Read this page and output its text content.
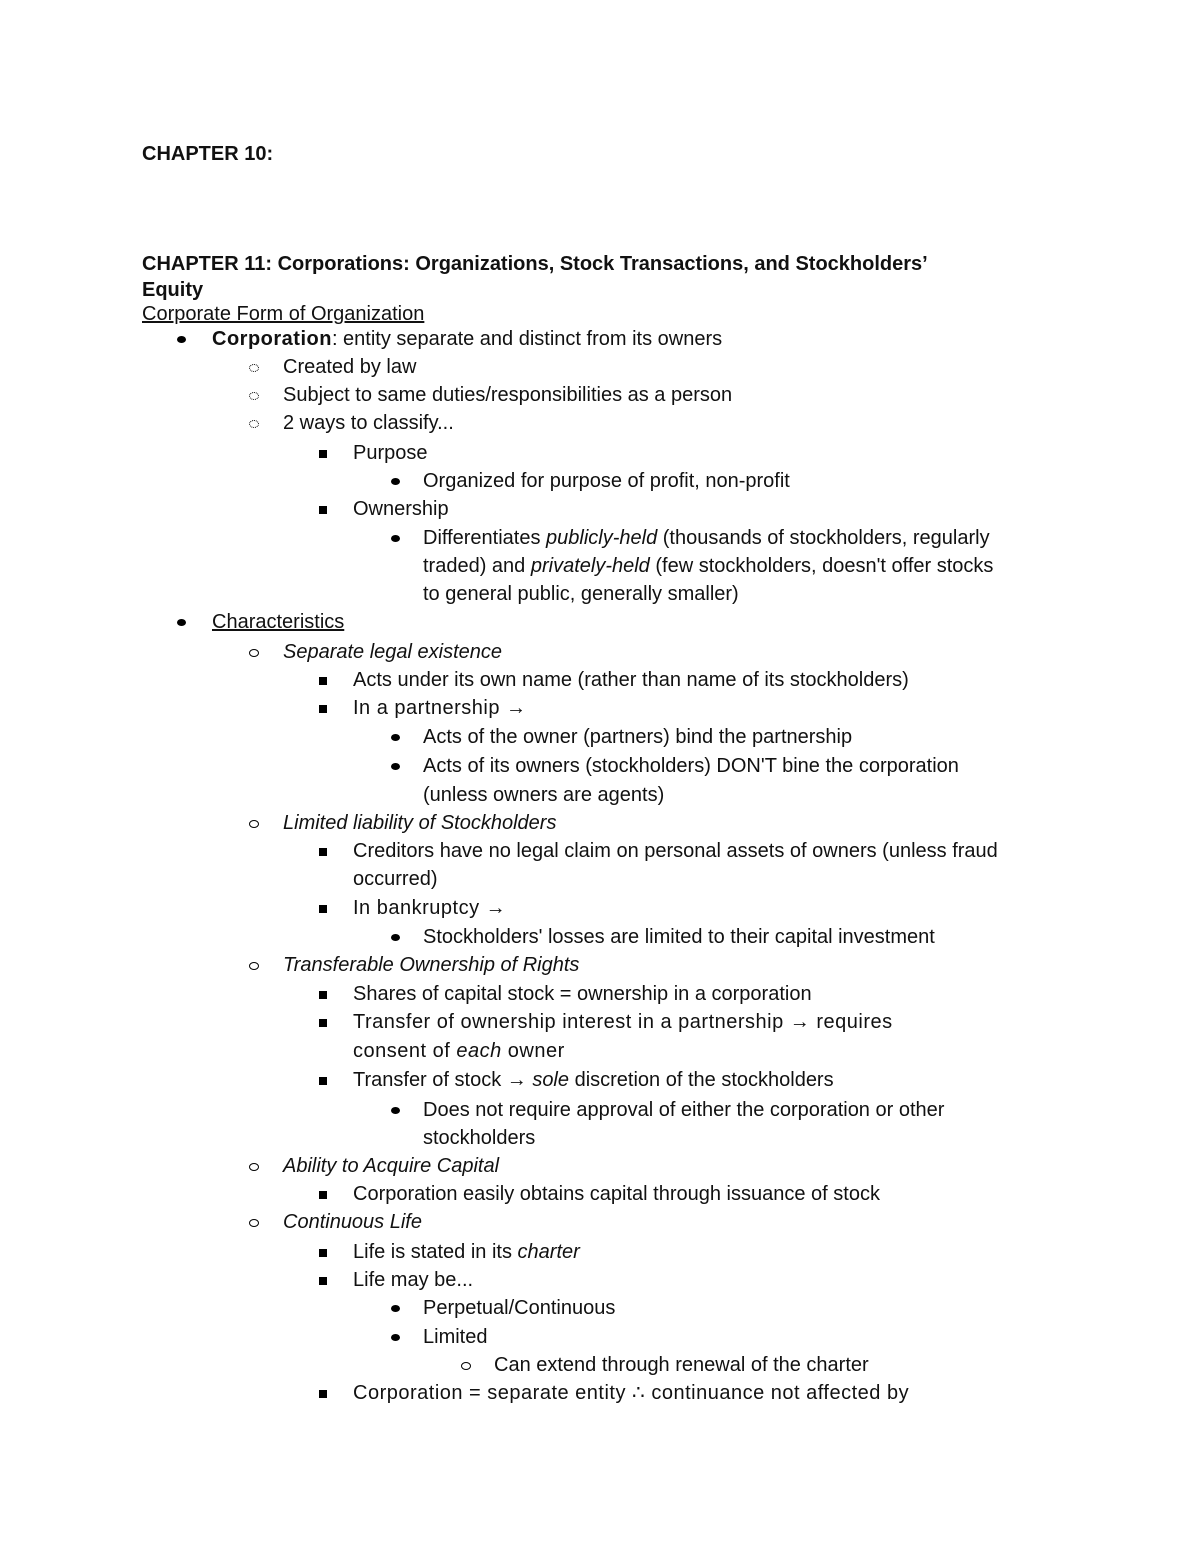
CHAPTER 10:
CHAPTER 11: Corporations: Organizations, Stock Transactions, and Stockholders’
Equity
Corporate Form of Organization
Corporation: entity separate and distinct from its owners
Created by law
Subject to same duties/responsibilities as a person
2 ways to classify...
Purpose
Organized for purpose of profit, non-profit
Ownership
Differentiates publicly-held (thousands of stockholders, regularly
traded) and privately-held (few stockholders, doesn't offer stocks
to general public, generally smaller)
Characteristics
Separate legal existence
Acts under its own name (rather than name of its stockholders)
In a partnership →
Acts of the owner (partners) bind the partnership
Acts of its owners (stockholders) DON'T bine the corporation
(unless owners are agents)
Limited liability of Stockholders
Creditors have no legal claim on personal assets of owners (unless fraud
occurred)
In bankruptcy →
Stockholders' losses are limited to their capital investment
Transferable Ownership of Rights
Shares of capital stock = ownership in a corporation
Transfer of ownership interest in a partnership → requires
consent of each owner
Transfer of stock → sole discretion of the stockholders
Does not require approval of either the corporation or other
stockholders
Ability to Acquire Capital
Corporation easily obtains capital through issuance of stock
Continuous Life
Life is stated in its charter
Life may be...
Perpetual/Continuous
Limited
Can extend through renewal of the charter
Corporation = separate entity ∴ continuance not affected by
